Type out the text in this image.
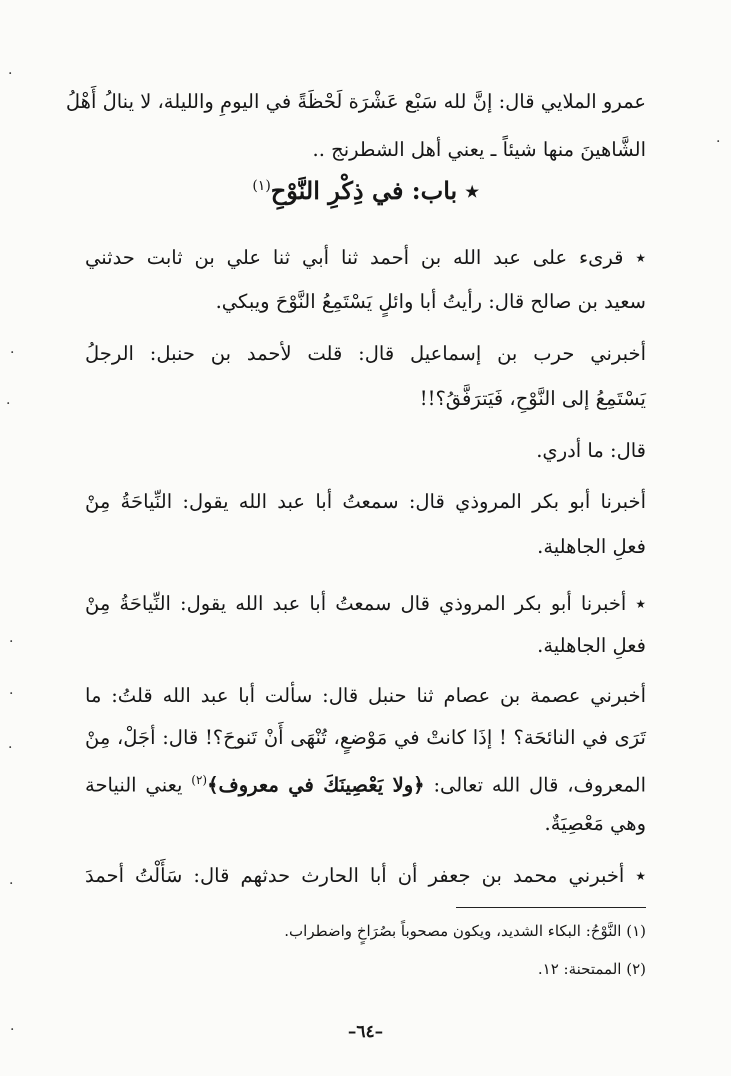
عمرو الملايي قال: إنَّ لله سَبْع عَشْرَة لَحْظَةً في اليومِ والليلة، لا ينالُ أَهْلُ
الشَّاهينَ منها شيئاً ـ يعني أهل الشطرنج ..
٭ باب: في ذِكْرِ النَّوْحِ$^{(١)}$
٭ قرىء على عبد الله بن أحمد ثنا أبي ثنا علي بن ثابت حدثني
سعيد بن صالح قال: رأيتُ أبا وائلٍ يَسْتَمِعُ النَّوْحَ ويبكي.
أخبرني حرب بن إسماعيل قال: قلت لأحمد بن حنبل: الرجلُ
يَسْتَمِعُ إلى النَّوْحِ، فَيَترَفَّقُ؟!!
قال: ما أدري.
أخبرنا أبو بكر المروذي قال: سمعتُ أبا عبد الله يقول: النِّياحَةُ مِنْ
فعلِ الجاهلية.
٭ أخبرنا أبو بكر المروذي قال سمعتُ أبا عبد الله يقول: النِّياحَةُ مِنْ
فعلِ الجاهلية.
أخبرني عصمة بن عصام ثنا حنبل قال: سألت أبا عبد الله قلتُ: ما
تَرَى في النائحَة؟ ! إذَا كانتْ في مَوْضعٍ، تُنْهَى أَنْ تَنوحَ؟! قال: أجَلْ، مِنْ
المعروف، قال الله تعالى: ﴿ولا يَعْصِينَكَ في معروف﴾$^{(٢)}$ يعني النياحة
وهي مَعْصِيَةٌ.
٭ أخبرني محمد بن جعفر أن أبا الحارث حدثهم قال: سَأَلْتُ أحمدَ
(١) النَّوْحُ: البكاء الشديد، ويكون مصحوباً بصُرَاخٍ واضطراب.
(٢) الممتحنة: ١٢.
–٦٤–
·
·
·
·
·
·
·
·
·
